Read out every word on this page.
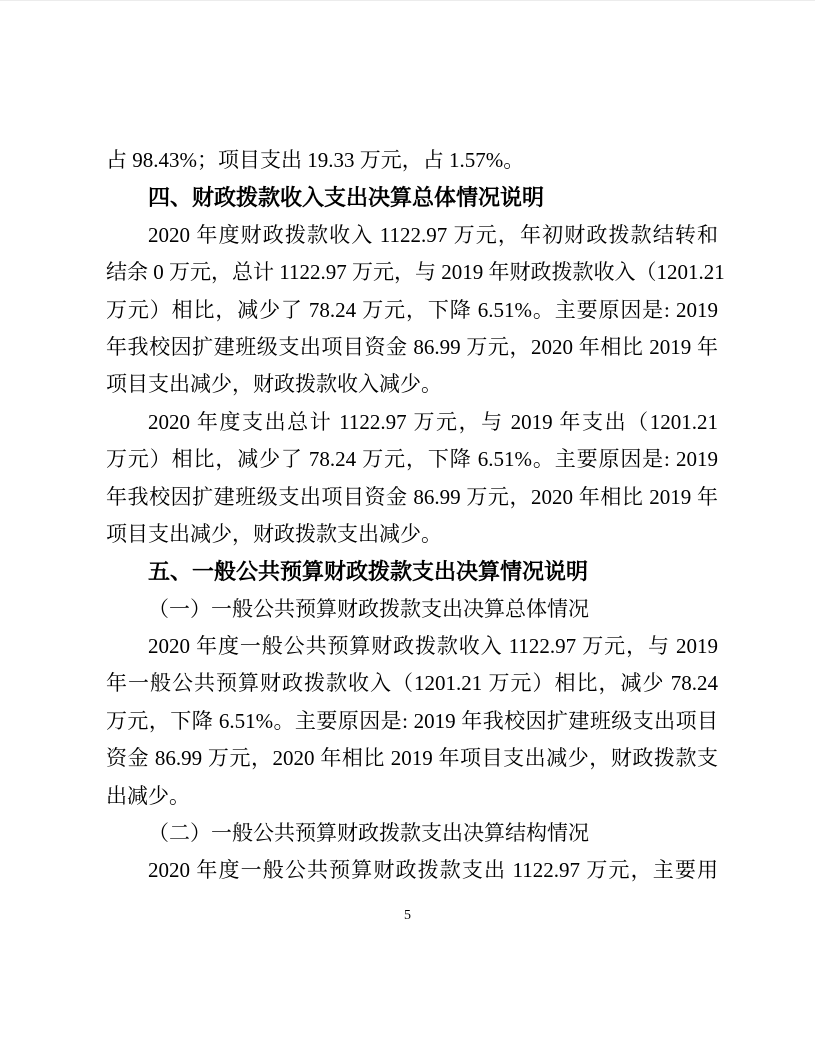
占 98.43%；项目支出 19.33 万元，占 1.57%。
四、财政拨款收入支出决算总体情况说明
2020 年度财政拨款收入 1122.97 万元，年初财政拨款结转和
结余 0 万元，总计 1122.97 万元，与 2019 年财政拨款收入（1201.21
万元）相比，减少了 78.24 万元，下降 6.51%。主要原因是: 2019
年我校因扩建班级支出项目资金 86.99 万元，2020 年相比 2019 年
项目支出减少，财政拨款收入减少。
2020 年度支出总计 1122.97 万元，与 2019 年支出（1201.21
万元）相比，减少了 78.24 万元，下降 6.51%。主要原因是: 2019
年我校因扩建班级支出项目资金 86.99 万元，2020 年相比 2019 年
项目支出减少，财政拨款支出减少。
五、一般公共预算财政拨款支出决算情况说明
（一）一般公共预算财政拨款支出决算总体情况
2020 年度一般公共预算财政拨款收入 1122.97 万元，与 2019
年一般公共预算财政拨款收入（1201.21 万元）相比，减少 78.24
万元，下降 6.51%。主要原因是: 2019 年我校因扩建班级支出项目
资金 86.99 万元，2020 年相比 2019 年项目支出减少，财政拨款支
出减少。
（二）一般公共预算财政拨款支出决算结构情况
2020 年度一般公共预算财政拨款支出 1122.97 万元，主要用
5
